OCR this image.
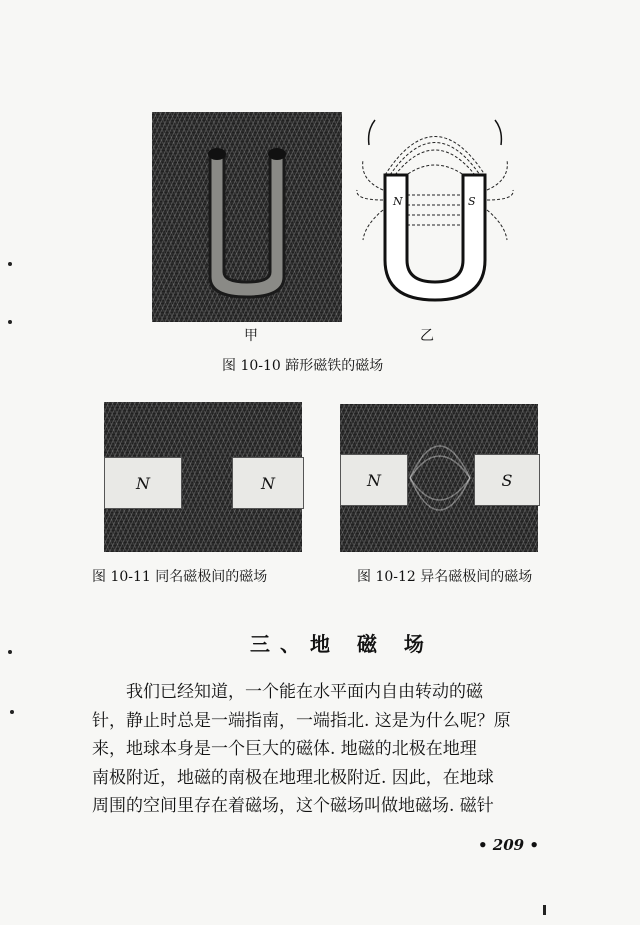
N	S
甲	乙
图 10-10 蹄形磁铁的磁场
N	N
图 10-11 同名磁极间的磁场
N	S
图 10-12 异名磁极间的磁场
三、地 磁 场

我们已经知道，一个能在水平面内自由转动的磁

针，静止时总是一端指南，一端指北. 这是为什么呢？原

来，地球本身是一个巨大的磁体. 地磁的北极在地理

南极附近，地磁的南极在地理北极附近. 因此，在地球

周围的空间里存在着磁场，这个磁场叫做地磁场. 磁针

• 209 •
